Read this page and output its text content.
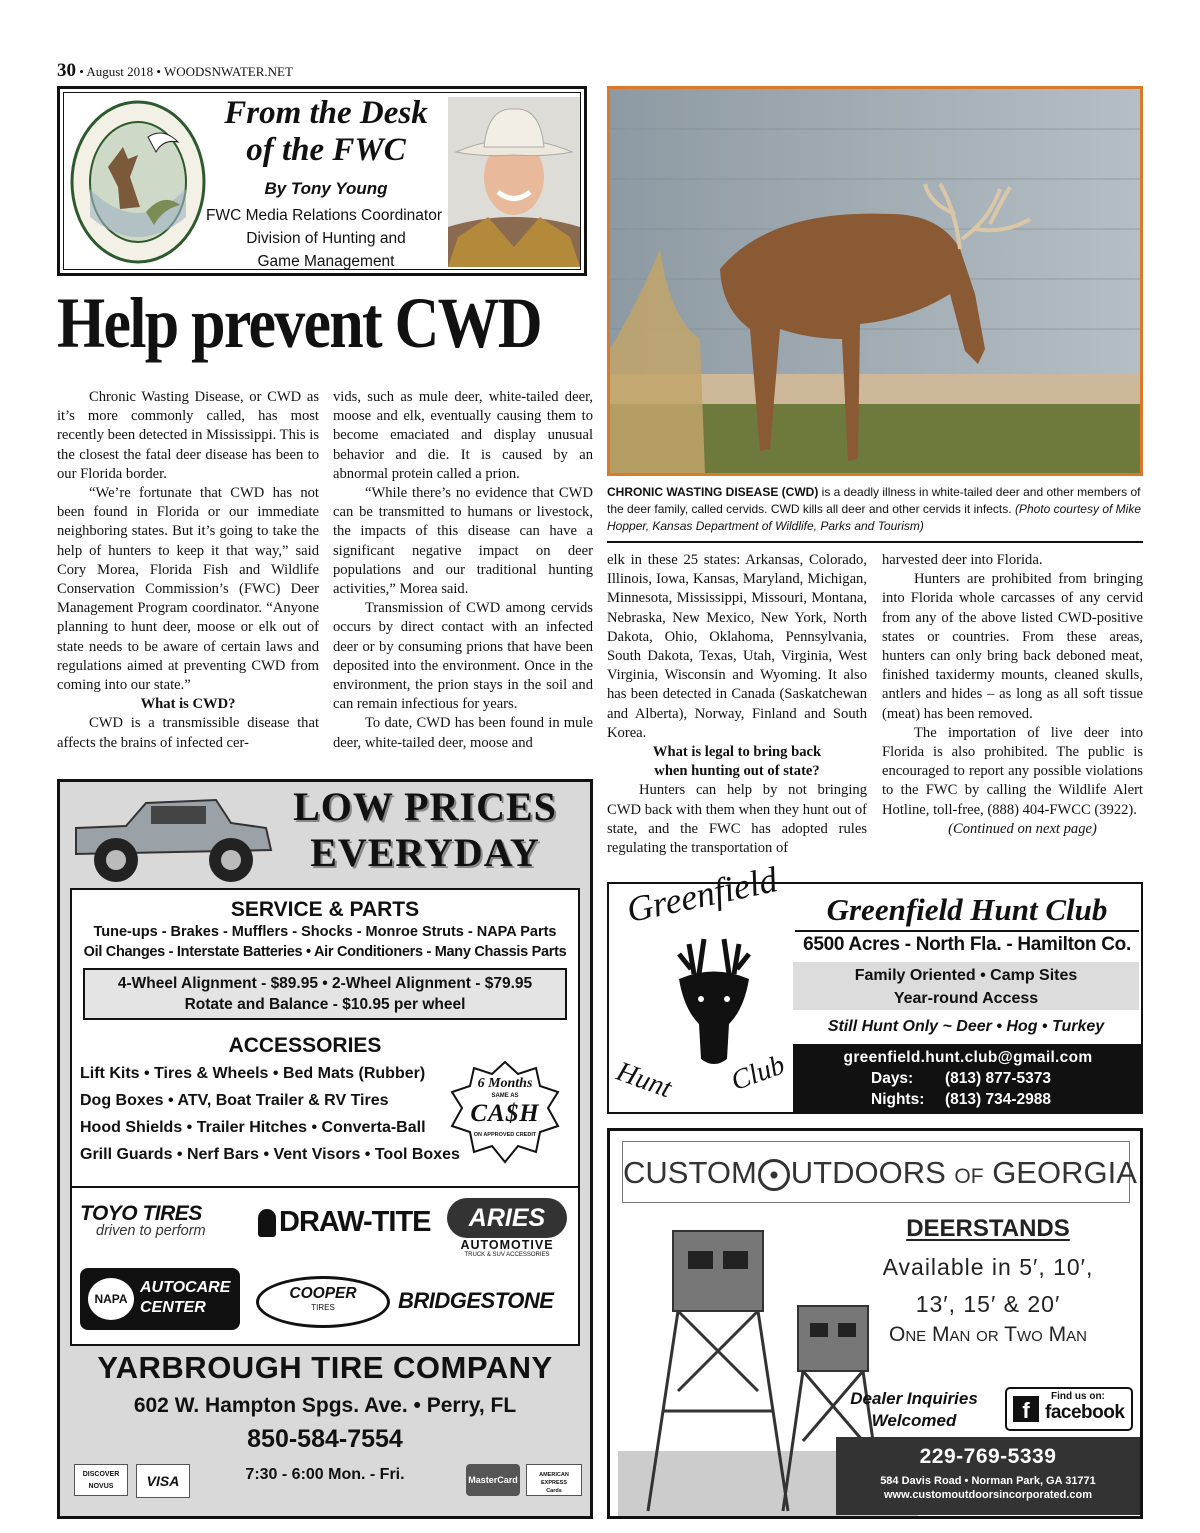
30 • August 2018 • WOODSNWATER.NET
From the Desk
of the FWC
By Tony Young
FWC Media Relations Coordinator
Division of Hunting and
Game Management
Help prevent CWD
CHRONIC WASTING DISEASE (CWD) is a deadly illness in white-tailed deer and other members of the deer family, called cervids. CWD kills all deer and other cervids it infects. (Photo courtesy of Mike Hopper, Kansas Department of Wildlife, Parks and Tourism)

Chronic Wasting Disease, or CWD as it’s more commonly called, has most recently been detected in Mississippi. This is the closest the fatal deer disease has been to our Florida border.

“We’re fortunate that CWD has not been found in Florida or our immediate neighboring states. But it’s going to take the help of hunters to keep it that way,” said Cory Morea, Florida Fish and Wildlife Conservation Commission’s (FWC) Deer Management Program coordinator. “Anyone planning to hunt deer, moose or elk out of state needs to be aware of certain laws and regulations aimed at preventing CWD from coming into our state.”

What is CWD?

CWD is a transmissible disease that affects the brains of infected cer-

vids, such as mule deer, white-tailed deer, moose and elk, eventually causing them to become emaciated and display unusual behavior and die. It is caused by an abnormal protein called a prion.

“While there’s no evidence that CWD can be transmitted to humans or livestock, the impacts of this disease can have a significant negative impact on deer populations and our traditional hunting activities,” Morea said.

Transmission of CWD among cervids occurs by direct contact with an infected deer or by consuming prions that have been deposited into the environment. Once in the environment, the prion stays in the soil and can remain infectious for years.

To date, CWD has been found in mule deer, white-tailed deer, moose and

elk in these 25 states: Arkansas, Colorado, Illinois, Iowa, Kansas, Maryland, Michigan, Minnesota, Mississippi, Missouri, Montana, Nebraska, New Mexico, New York, North Dakota, Ohio, Oklahoma, Pennsylvania, South Dakota, Texas, Utah, Virginia, West Virginia, Wisconsin and Wyoming. It also has been detected in Canada (Saskatchewan and Alberta), Norway, Finland and South Korea.

What is legal to bring back

when hunting out of state?

Hunters can help by not bringing CWD back with them when they hunt out of state, and the FWC has adopted rules regulating the transportation of

harvested deer into Florida.

Hunters are prohibited from bringing into Florida whole carcasses of any cervid from any of the above listed CWD-positive states or countries. From these areas, hunters can only bring back deboned meat, finished taxidermy mounts, cleaned skulls, antlers and hides – as long as all soft tissue (meat) has been removed.

The importation of live deer into Florida is also prohibited. The public is encouraged to report any possible violations to the FWC by calling the Wildlife Alert Hotline, toll-free, (888) 404-FWCC (3922).

(Continued on next page)

LOW PRICES
EVERYDAY
SERVICE & PARTS
Tune-ups - Brakes - Mufflers - Shocks - Monroe Struts - NAPA Parts
Oil Changes - Interstate Batteries • Air Conditioners - Many Chassis Parts
4-Wheel Alignment - $89.95 • 2-Wheel Alignment - $79.95
Rotate and Balance - $10.95 per wheel
ACCESSORIES
Lift Kits • Tires & Wheels • Bed Mats (Rubber)
Dog Boxes • ATV, Boat Trailer & RV Tires
Hood Shields • Trailer Hitches • Converta-Ball
Grill Guards • Nerf Bars • Vent Visors • Tool Boxes
6 Months
SAME AS
CA$H
ON APPROVED CREDIT
TOYO TIRES
driven to perform	DRAW-TITE	ARIES
AUTOMOTIVE
TRUCK & SUV ACCESSORIES
NAPA
AUTOCARE CENTER
COOPER
TIRES	BRIDGESTONE
YARBROUGH TIRE COMPANY
602 W. Hampton Spgs. Ave. • Perry, FL
850-584-7554
7:30 - 6:00 Mon. - Fri.
DISCOVER
NOVUS	VISA	MasterCard	AMERICAN EXPRESS
Cards
Greenfield
Hunt Club
Greenfield Hunt Club
6500 Acres - North Fla. - Hamilton Co.
Family Oriented • Camp Sites
Year-round Access
Still Hunt Only ~ Deer • Hog • Turkey
greenfield.hunt.club@gmail.com
Days:	(813) 877-5373
Nights:	(813) 734-2988
CUSTOM UTDOORS OF GEORGIA
DEERSTANDS
Available in 5′, 10′,
13′, 15′ & 20′
One Man or Two Man
Dealer Inquiries
Welcomed	f
Find us on:
facebook
229-769-5339
584 Davis Road • Norman Park, GA 31771
www.customoutdoorsincorporated.com
